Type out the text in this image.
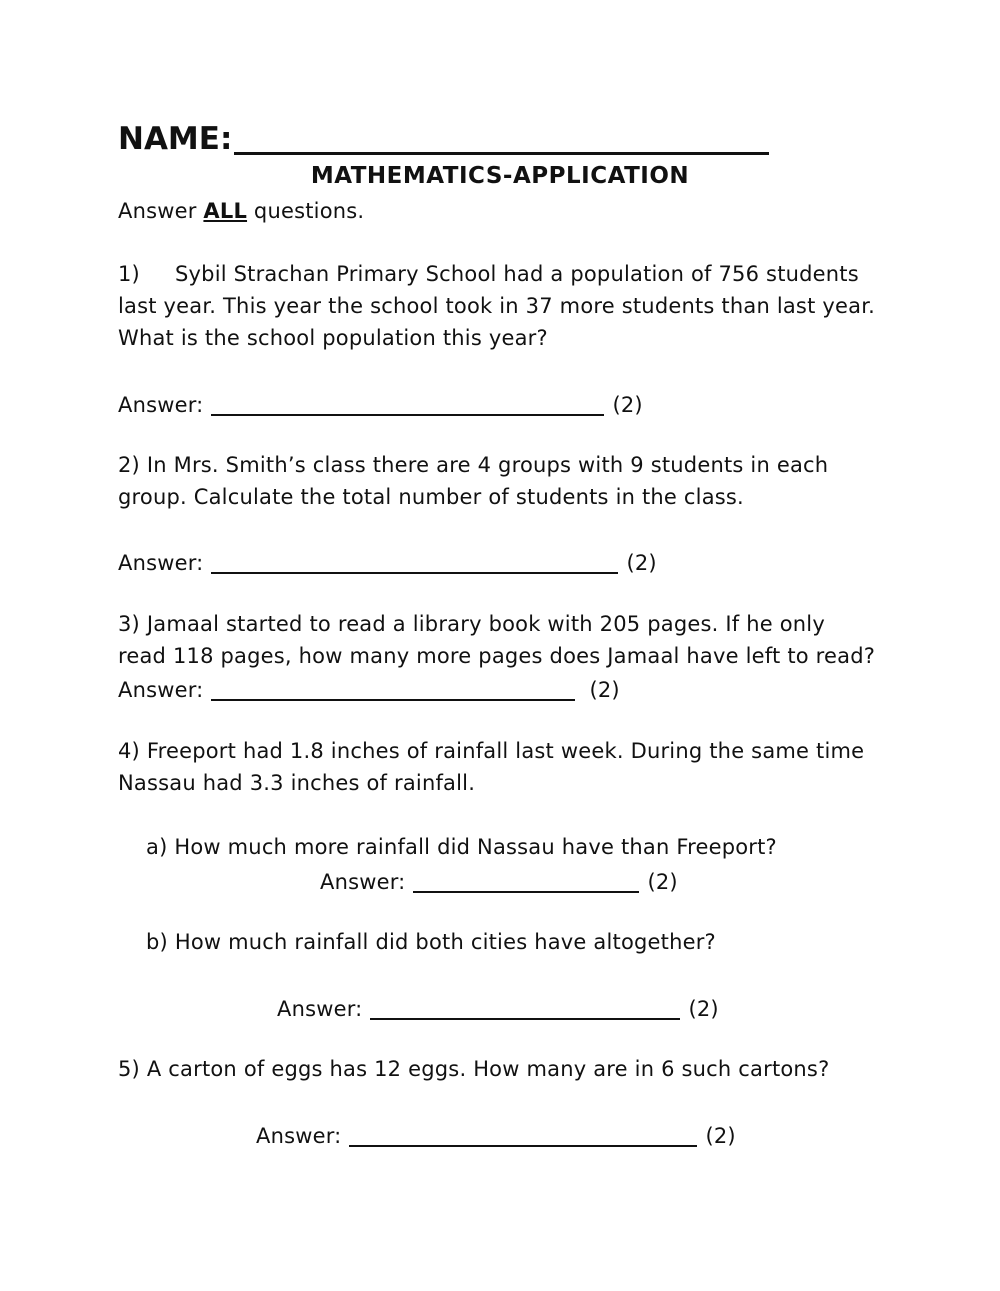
NAME:
MATHEMATICS-APPLICATION
Answer ALL questions.
1) Sybil Strachan Primary School had a population of 756 students
last year. This year the school took in 37 more students than last year.
What is the school population this year?
Answer:	(2)
2) In Mrs. Smith’s class there are 4 groups with 9 students in each
group. Calculate the total number of students in the class.
Answer:	(2)
3) Jamaal started to read a library book with 205 pages. If he only
read 118 pages, how many more pages does Jamaal have left to read?
Answer:	(2)
4) Freeport had 1.8 inches of rainfall last week. During the same time
Nassau had 3.3 inches of rainfall.
a) How much more rainfall did Nassau have than Freeport?
Answer:	(2)
b) How much rainfall did both cities have altogether?
Answer:	(2)
5) A carton of eggs has 12 eggs. How many are in 6 such cartons?
Answer:	(2)
